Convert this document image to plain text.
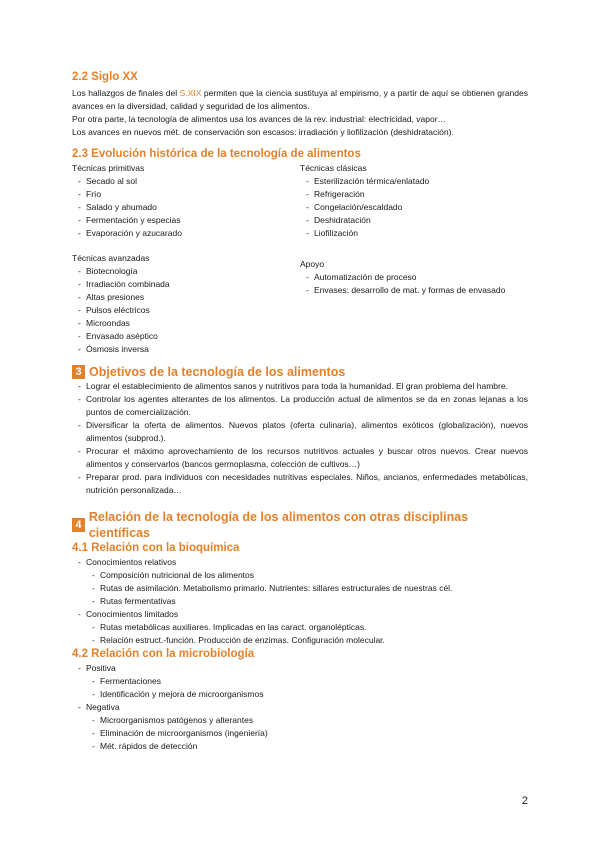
2.2 Siglo XX
Los hallazgos de finales del S.XIX permiten que la ciencia sustituya al empirismo, y a partir de aquí se obtienen grandes avances en la diversidad, calidad y seguridad de los alimentos.
Por otra parte, la tecnología de alimentos usa los avances de la rev. industrial: electricidad, vapor…
Los avances en nuevos mét. de conservación son escasos: irradiación y liofilización (deshidratación).
2.3 Evolución histórica de la tecnología de alimentos
Técnicas primitivas
- Secado al sol
- Frío
- Salado y ahumado
- Fermentación y especias
- Evaporación y azucarado
Técnicas clásicas
- Esterilización térmica/enlatado
- Refrigeración
- Congelación/escaldado
- Deshidratación
- Liofilización
Técnicas avanzadas
- Biotecnología
- Irradiación combinada
- Altas presiones
- Pulsos eléctricos
- Microondas
- Envasado aséptico
- Ósmosis inversa
Apoyo
- Automatización de proceso
- Envases: desarrollo de mat. y formas de envasado
3 Objetivos de la tecnología de los alimentos
- Lograr el establecimiento de alimentos sanos y nutritivos para toda la humanidad. El gran problema del hambre.
- Controlar los agentes alterantes de los alimentos. La producción actual de alimentos se da en zonas lejanas a los puntos de comercialización.
- Diversificar la oferta de alimentos. Nuevos platos (oferta culinaria), alimentos exóticos (globalización), nuevos alimentos (subprod.).
- Procurar el máximo aprovechamiento de los recursos nutritivos actuales y buscar otros nuevos. Crear nuevos alimentos y conservarlos (bancos germoplasma, colección de cultivos…)
- Preparar prod. para individuos con necesidades nutritivas especiales. Niños, ancianos, enfermedades metabólicas, nutrición personalizada…
4
Relación de la tecnología de los alimentos con otras disciplinas científicas
4.1 Relación con la bioquímica
- Conocimientos relativos
- Composición nutricional de los alimentos
- Rutas de asimilación. Metabolismo primario. Nutrientes: sillares estructurales de nuestras cél.
- Rutas fermentativas
- Conocimientos limitados
- Rutas metabólicas auxiliares. Implicadas en las caract. organolépticas.
- Relación estruct.-función. Producción de enzimas. Configuración molecular.
4.2 Relación con la microbiología
- Positiva
- Fermentaciones
- Identificación y mejora de microorganismos
- Negativa
- Microorganismos patógenos y alterantes
- Eliminación de microorganismos (ingeniería)
- Mét. rápidos de detección
2
